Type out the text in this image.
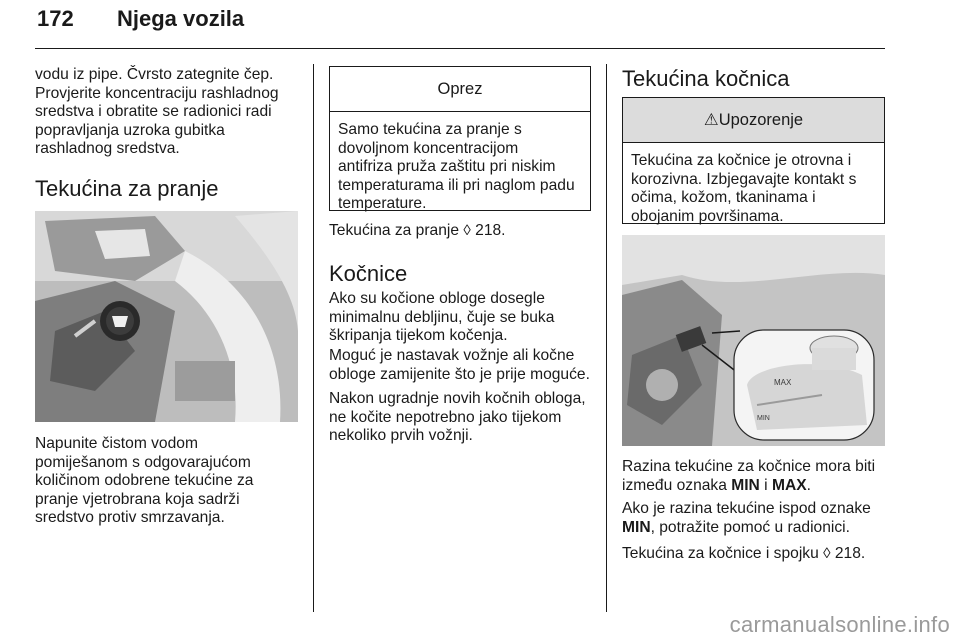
172 Njega vozila

vodu iz pipe. Čvrsto zategnite čep.

Provjerite koncentraciju rashladnog

sredstva i obratite se radionici radi

popravljanja uzroka gubitka

rashladnog sredstva.

Tekućina za pranje

Napunite čistom vodom

pomiješanom s odgovarajućom

količinom odobrene tekućine za

pranje vjetrobrana koja sadrži

sredstvo protiv smrzavanja.

Oprez
Samo tekućina za pranje s
dovoljnom koncentracijom
antifriza pruža zaštitu pri niskim
temperaturama ili pri naglom padu
temperature.

Tekućina za pranje ◊ 218.

Kočnice

Ako su kočione obloge dosegle

minimalnu debljinu, čuje se buka

škripanja tijekom kočenja.

Moguć je nastavak vožnje ali kočne

obloge zamijenite što je prije moguće.

Nakon ugradnje novih kočnih obloga,

ne kočite nepotrebno jako tijekom

nekoliko prvih vožnji.

Tekućina kočnica
⚠Upozorenje
Tekućina za kočnice je otrovna i
korozivna. Izbjegavajte kontakt s
očima, kožom, tkaninama i
obojanim površinama.
MAX
MIN

Razina tekućine za kočnice mora biti

između oznaka MIN i MAX.

Ako je razina tekućine ispod oznake

MIN, potražite pomoć u radionici.

Tekućina za kočnice i spojku ◊ 218.

carmanualsonline.info
